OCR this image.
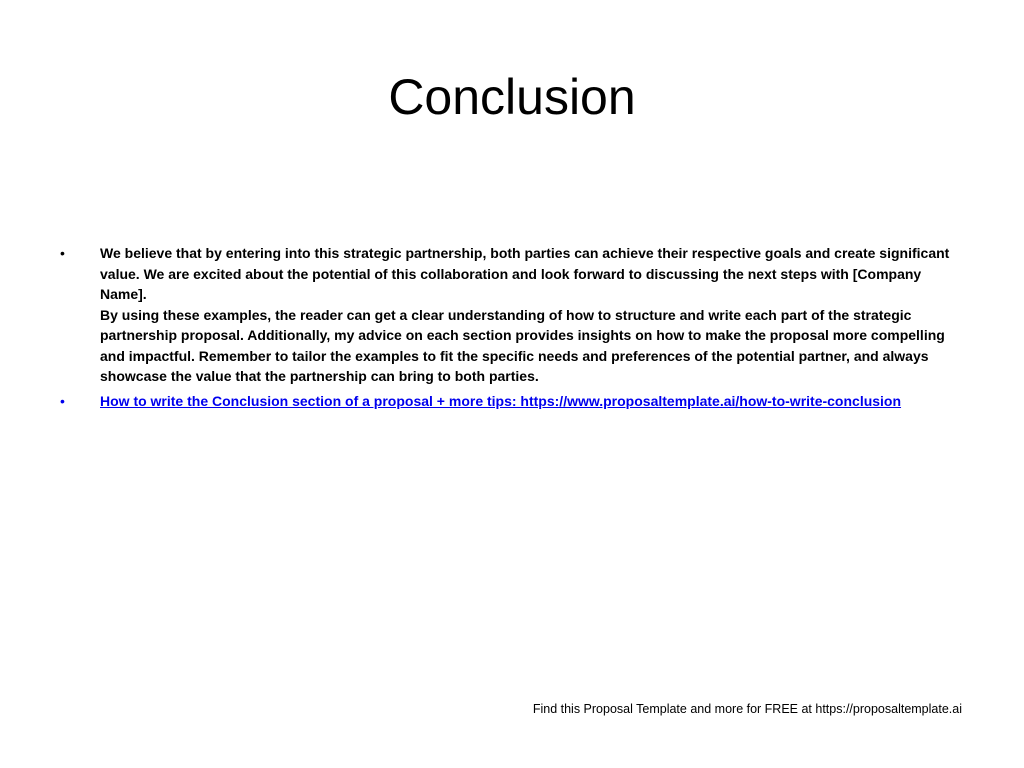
Conclusion
•	We believe that by entering into this strategic partnership, both parties can achieve their respective goals and create significant value. We are excited about the potential of this collaboration and look forward to discussing the next steps with [Company Name].
By using these examples, the reader can get a clear understanding of how to structure and write each part of the strategic partnership proposal. Additionally, my advice on each section provides insights on how to make the proposal more compelling and impactful. Remember to tailor the examples to fit the specific needs and preferences of the potential partner, and always showcase the value that the partnership can bring to both parties.
•	How to write the Conclusion section of a proposal + more tips: https://www.proposaltemplate.ai/how-to-write-conclusion
Find this Proposal Template and more for FREE at https://proposaltemplate.ai
